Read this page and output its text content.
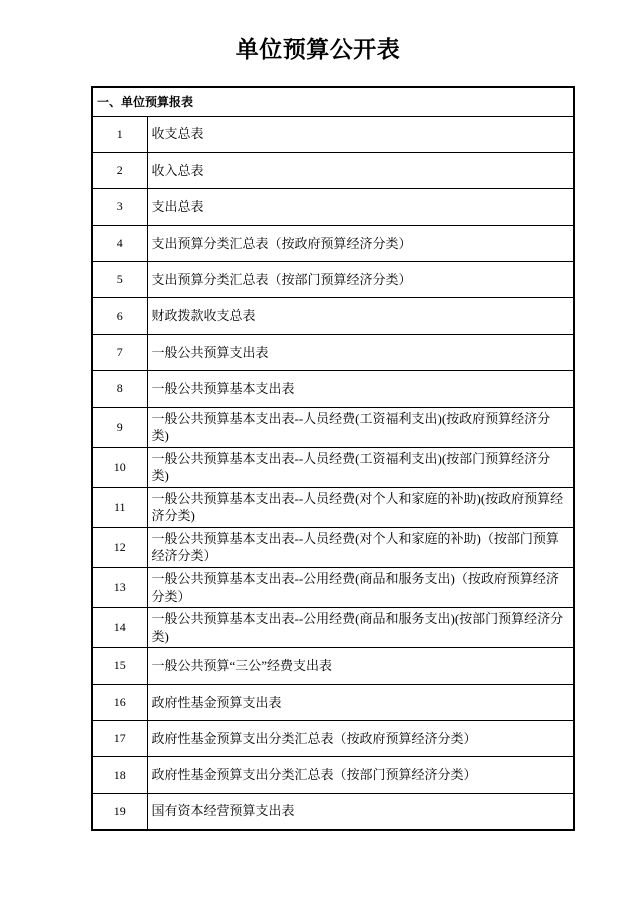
单位预算公开表
一、单位预算报表	
1	收支总表
2	收入总表
3	支出总表
4	支出预算分类汇总表（按政府预算经济分类）
5	支出预算分类汇总表（按部门预算经济分类）
6	财政拨款收支总表
7	一般公共预算支出表
8	一般公共预算基本支出表
9	一般公共预算基本支出表--人员经费(工资福利支出)(按政府预算经济分类)
10	一般公共预算基本支出表--人员经费(工资福利支出)(按部门预算经济分类)
11	一般公共预算基本支出表--人员经费(对个人和家庭的补助)(按政府预算经济分类)
12	一般公共预算基本支出表--人员经费(对个人和家庭的补助)（按部门预算经济分类）
13	一般公共预算基本支出表--公用经费(商品和服务支出)（按政府预算经济分类）
14	一般公共预算基本支出表--公用经费(商品和服务支出)(按部门预算经济分类)
15	一般公共预算“三公”经费支出表
16	政府性基金预算支出表
17	政府性基金预算支出分类汇总表（按政府预算经济分类）
18	政府性基金预算支出分类汇总表（按部门预算经济分类）
19	国有资本经营预算支出表
